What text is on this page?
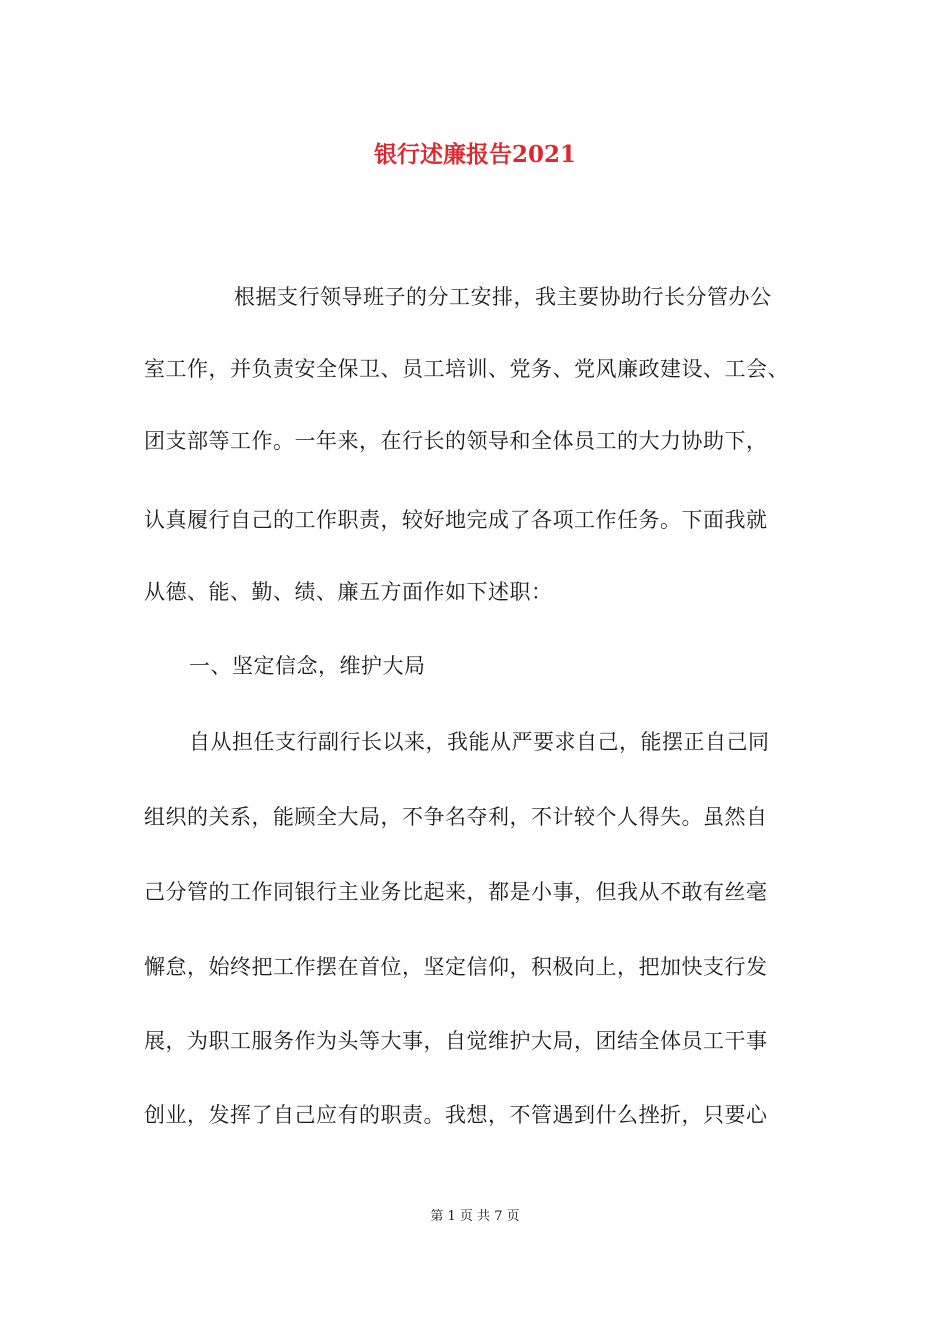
银行述廉报告2021
根据支行领导班子的分工安排，我主要协助行长分管办公
室工作，并负责安全保卫、员工培训、党务、党风廉政建设、工会、
团支部等工作。一年来，在行长的领导和全体员工的大力协助下，
认真履行自己的工作职责，较好地完成了各项工作任务。下面我就
从德、能、勤、绩、廉五方面作如下述职：
一、坚定信念，维护大局
自从担任支行副行长以来，我能从严要求自己，能摆正自己同
组织的关系，能顾全大局，不争名夺利，不计较个人得失。虽然自
己分管的工作同银行主业务比起来，都是小事，但我从不敢有丝毫
懈怠，始终把工作摆在首位，坚定信仰，积极向上，把加快支行发
展，为职工服务作为头等大事，自觉维护大局，团结全体员工干事
创业，发挥了自己应有的职责。我想，不管遇到什么挫折，只要心
第 1 页 共 7 页
